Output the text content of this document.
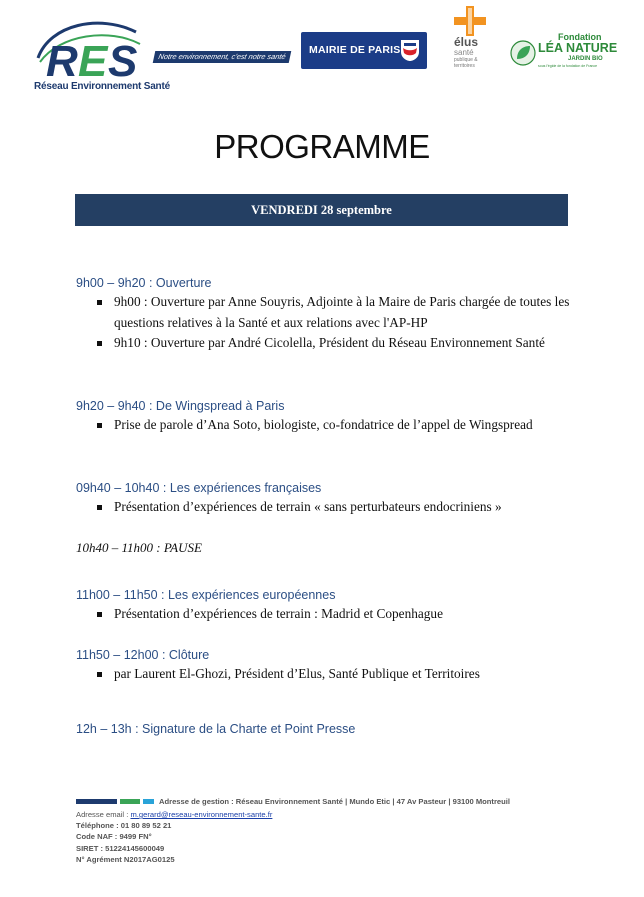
R E S
Réseau Environnement Santé
Notre environnement, c'est notre santé
MAIRIE DE PARIS
élus
santé
publique & territoires
Fondation
LÉA NATURE
JARDIN BIO
sous l'égide de la fondation de France
PROGRAMME
VENDREDI 28 septembre
9h00 – 9h20 : Ouverture
9h00 : Ouverture par Anne Souyris, Adjointe à la Maire de Paris chargée de toutes les questions relatives à la Santé et aux relations avec l'AP-HP
9h10 : Ouverture par André Cicolella, Président du Réseau Environnement Santé
9h20 – 9h40 : De Wingspread à Paris
Prise de parole d’Ana Soto, biologiste, co-fondatrice de l’appel de Wingspread
09h40 – 10h40 : Les expériences françaises
Présentation d’expériences de terrain « sans perturbateurs endocriniens »
10h40 – 11h00 : PAUSE
11h00 – 11h50 : Les expériences européennes
Présentation d’expériences de terrain : Madrid et Copenhague
11h50 – 12h00 : Clôture
par Laurent El-Ghozi, Président d’Elus, Santé Publique et Territoires
12h – 13h : Signature de la Charte et Point Presse
Adresse de gestion : Réseau Environnement Santé | Mundo Etic | 47 Av Pasteur | 93100 Montreuil
Adresse email : m.gerard@reseau-environnement-sante.fr
Téléphone : 01 80 89 52 21
Code NAF : 9499 FN°
SIRET : 51224145600049
N° Agrément N2017AG0125
